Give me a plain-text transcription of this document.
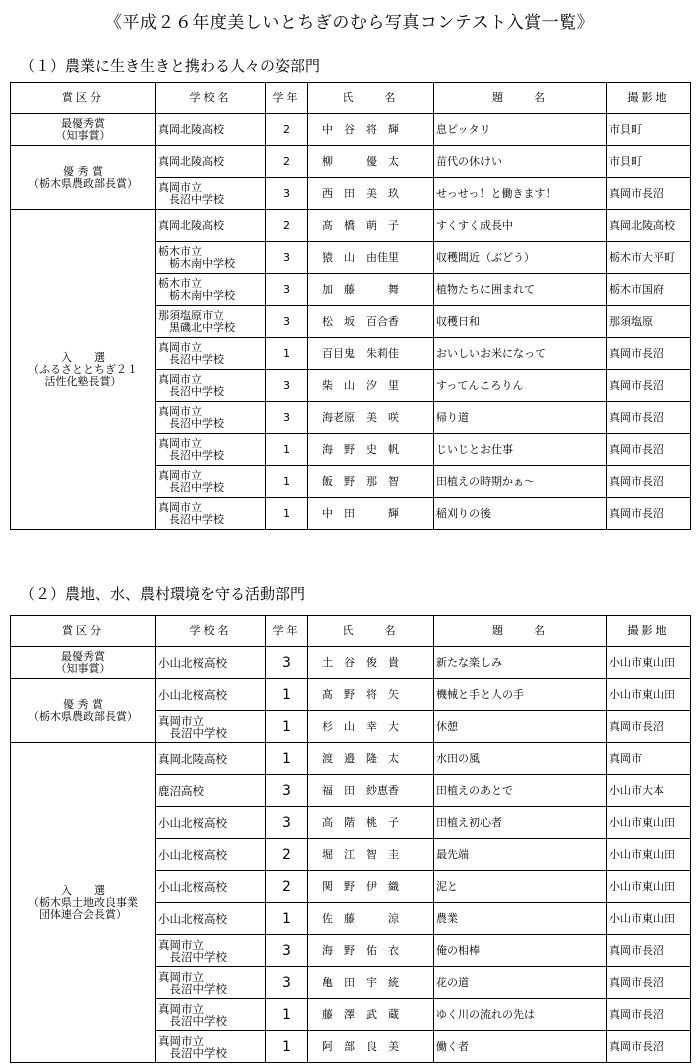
《平成２６年度美しいとちぎのむら写真コンテスト入賞一覧》
（１）農業に生き生きと携わる人々の姿部門
賞区分	学校名	学年	氏　　名	題　　名	撮影地
最優秀賞
（知事賞）	真岡北陵高校	2	中　谷　将　輝	息ピッタリ	市貝町
優 秀 賞
（栃木県農政部長賞）	真岡北陵高校	2	柳　　　優　太	苗代の休けい	市貝町
	真岡市立
　長沼中学校	3	西　田　美　玖	せっせっ！と働きます！	真岡市長沼
入　　選
（ふるさととちぎ２１
活性化塾長賞）	真岡北陵高校	2	髙　橋　萌　子	すくすく成長中	真岡北陵高校
	栃木市立
　栃木南中学校	3	猿　山　由佳里	収穫間近（ぶどう）	栃木市大平町
	栃木市立
　栃木南中学校	3	加　藤　　　舞	植物たちに囲まれて	栃木市国府
	那須塩原市立
　黒磯北中学校	3	松　坂　百合香	収穫日和	那須塩原
	真岡市立
　長沼中学校	1	百目鬼　朱莉佳	おいしいお米になって	真岡市長沼
	真岡市立
　長沼中学校	3	柴　山　汐　里	すってんころりん	真岡市長沼
	真岡市立
　長沼中学校	3	海老原　美　咲	帰り道	真岡市長沼
	真岡市立
　長沼中学校	1	海　野　史　帆	じいじとお仕事	真岡市長沼
	真岡市立
　長沼中学校	1	飯　野　那　智	田植えの時期かぁ～	真岡市長沼
	真岡市立
　長沼中学校	1	中　田　　　輝	稲刈りの後	真岡市長沼
（２）農地、水、農村環境を守る活動部門
賞区分	学校名	学年	氏　　名	題　　名	撮影地
最優秀賞
（知事賞）	小山北桜高校	3	土　谷　俊　貴	新たな楽しみ	小山市東山田
優 秀 賞
（栃木県農政部長賞）	小山北桜高校	1	髙　野　将　矢	機械と手と人の手	小山市東山田
	真岡市立
　長沼中学校	1	杉　山　幸　大	休憩	真岡市長沼
入　　選
（栃木県土地改良事業
団体連合会長賞）	真岡北陵高校	1	渡　邉　隆　太	水田の風	真岡市
	鹿沼高校	3	福　田　紗恵香	田植えのあとで	小山市大本
	小山北桜高校	3	高　階　桃　子	田植え初心者	小山市東山田
	小山北桜高校	2	堀　江　智　圭	最先端	小山市東山田
	小山北桜高校	2	関　野　伊　織	泥と	小山市東山田
	小山北桜高校	1	佐　藤　　　涼	農業	小山市東山田
	真岡市立
　長沼中学校	3	海　野　佑　衣	俺の相棒	真岡市長沼
	真岡市立
　長沼中学校	3	亀　田　宇　統	花の道	真岡市長沼
	真岡市立
　長沼中学校	1	藤　澤　武　蔵	ゆく川の流れの先は	真岡市長沼
	真岡市立
　長沼中学校	1	阿　部　良　美	働く者	真岡市長沼
